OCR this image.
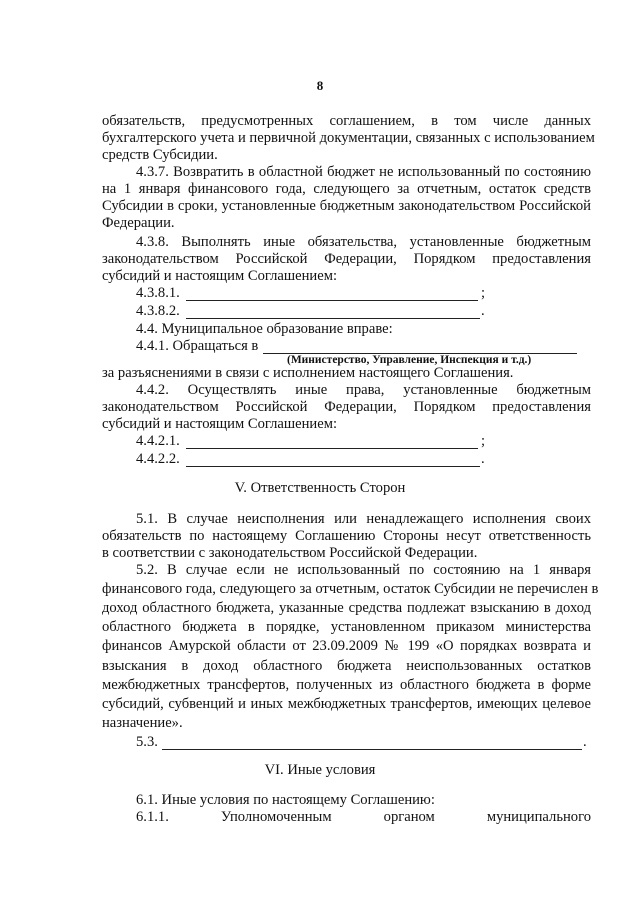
8
обязательств, предусмотренных соглашением, в том числе данных
бухгалтерского учета и первичной документации, связанных с использованием
средств Субсидии.
4.3.7. Возвратить в областной бюджет не использованный по состоянию
на 1 января финансового года, следующего за отчетным, остаток средств
Субсидии в сроки, установленные бюджетным законодательством Российской
Федерации.
4.3.8. Выполнять иные обязательства, установленные бюджетным
законодательством Российской Федерации, Порядком предоставления
субсидий и настоящим Соглашением:
4.3.8.1.	;
4.3.8.2.	.
4.4. Муниципальное образование вправе:
4.4.1. Обращаться в
(Министерство, Управление, Инспекция и т.д.)
за разъяснениями в связи с исполнением настоящего Соглашения.
4.4.2. Осуществлять иные права, установленные бюджетным
законодательством Российской Федерации, Порядком предоставления
субсидий и настоящим Соглашением:
4.4.2.1.	;
4.4.2.2.	.
V. Ответственность Сторон
5.1. В случае неисполнения или ненадлежащего исполнения своих
обязательств по настоящему Соглашению Стороны несут ответственность
в соответствии с законодательством Российской Федерации.
5.2. В случае если не использованный по состоянию на 1 января
финансового года, следующего за отчетным, остаток Субсидии не перечислен в
доход областного бюджета, указанные средства подлежат взысканию в доход
областного бюджета в порядке, установленном приказом министерства
финансов Амурской области от 23.09.2009 № 199 «О порядках возврата и
взыскания в доход областного бюджета неиспользованных остатков
межбюджетных трансфертов, полученных из областного бюджета в форме
субсидий, субвенций и иных межбюджетных трансфертов, имеющих целевое
назначение».
5.3.	.
VI. Иные условия
6.1. Иные условия по настоящему Соглашению:
6.1.1. Уполномоченным органом муниципального
